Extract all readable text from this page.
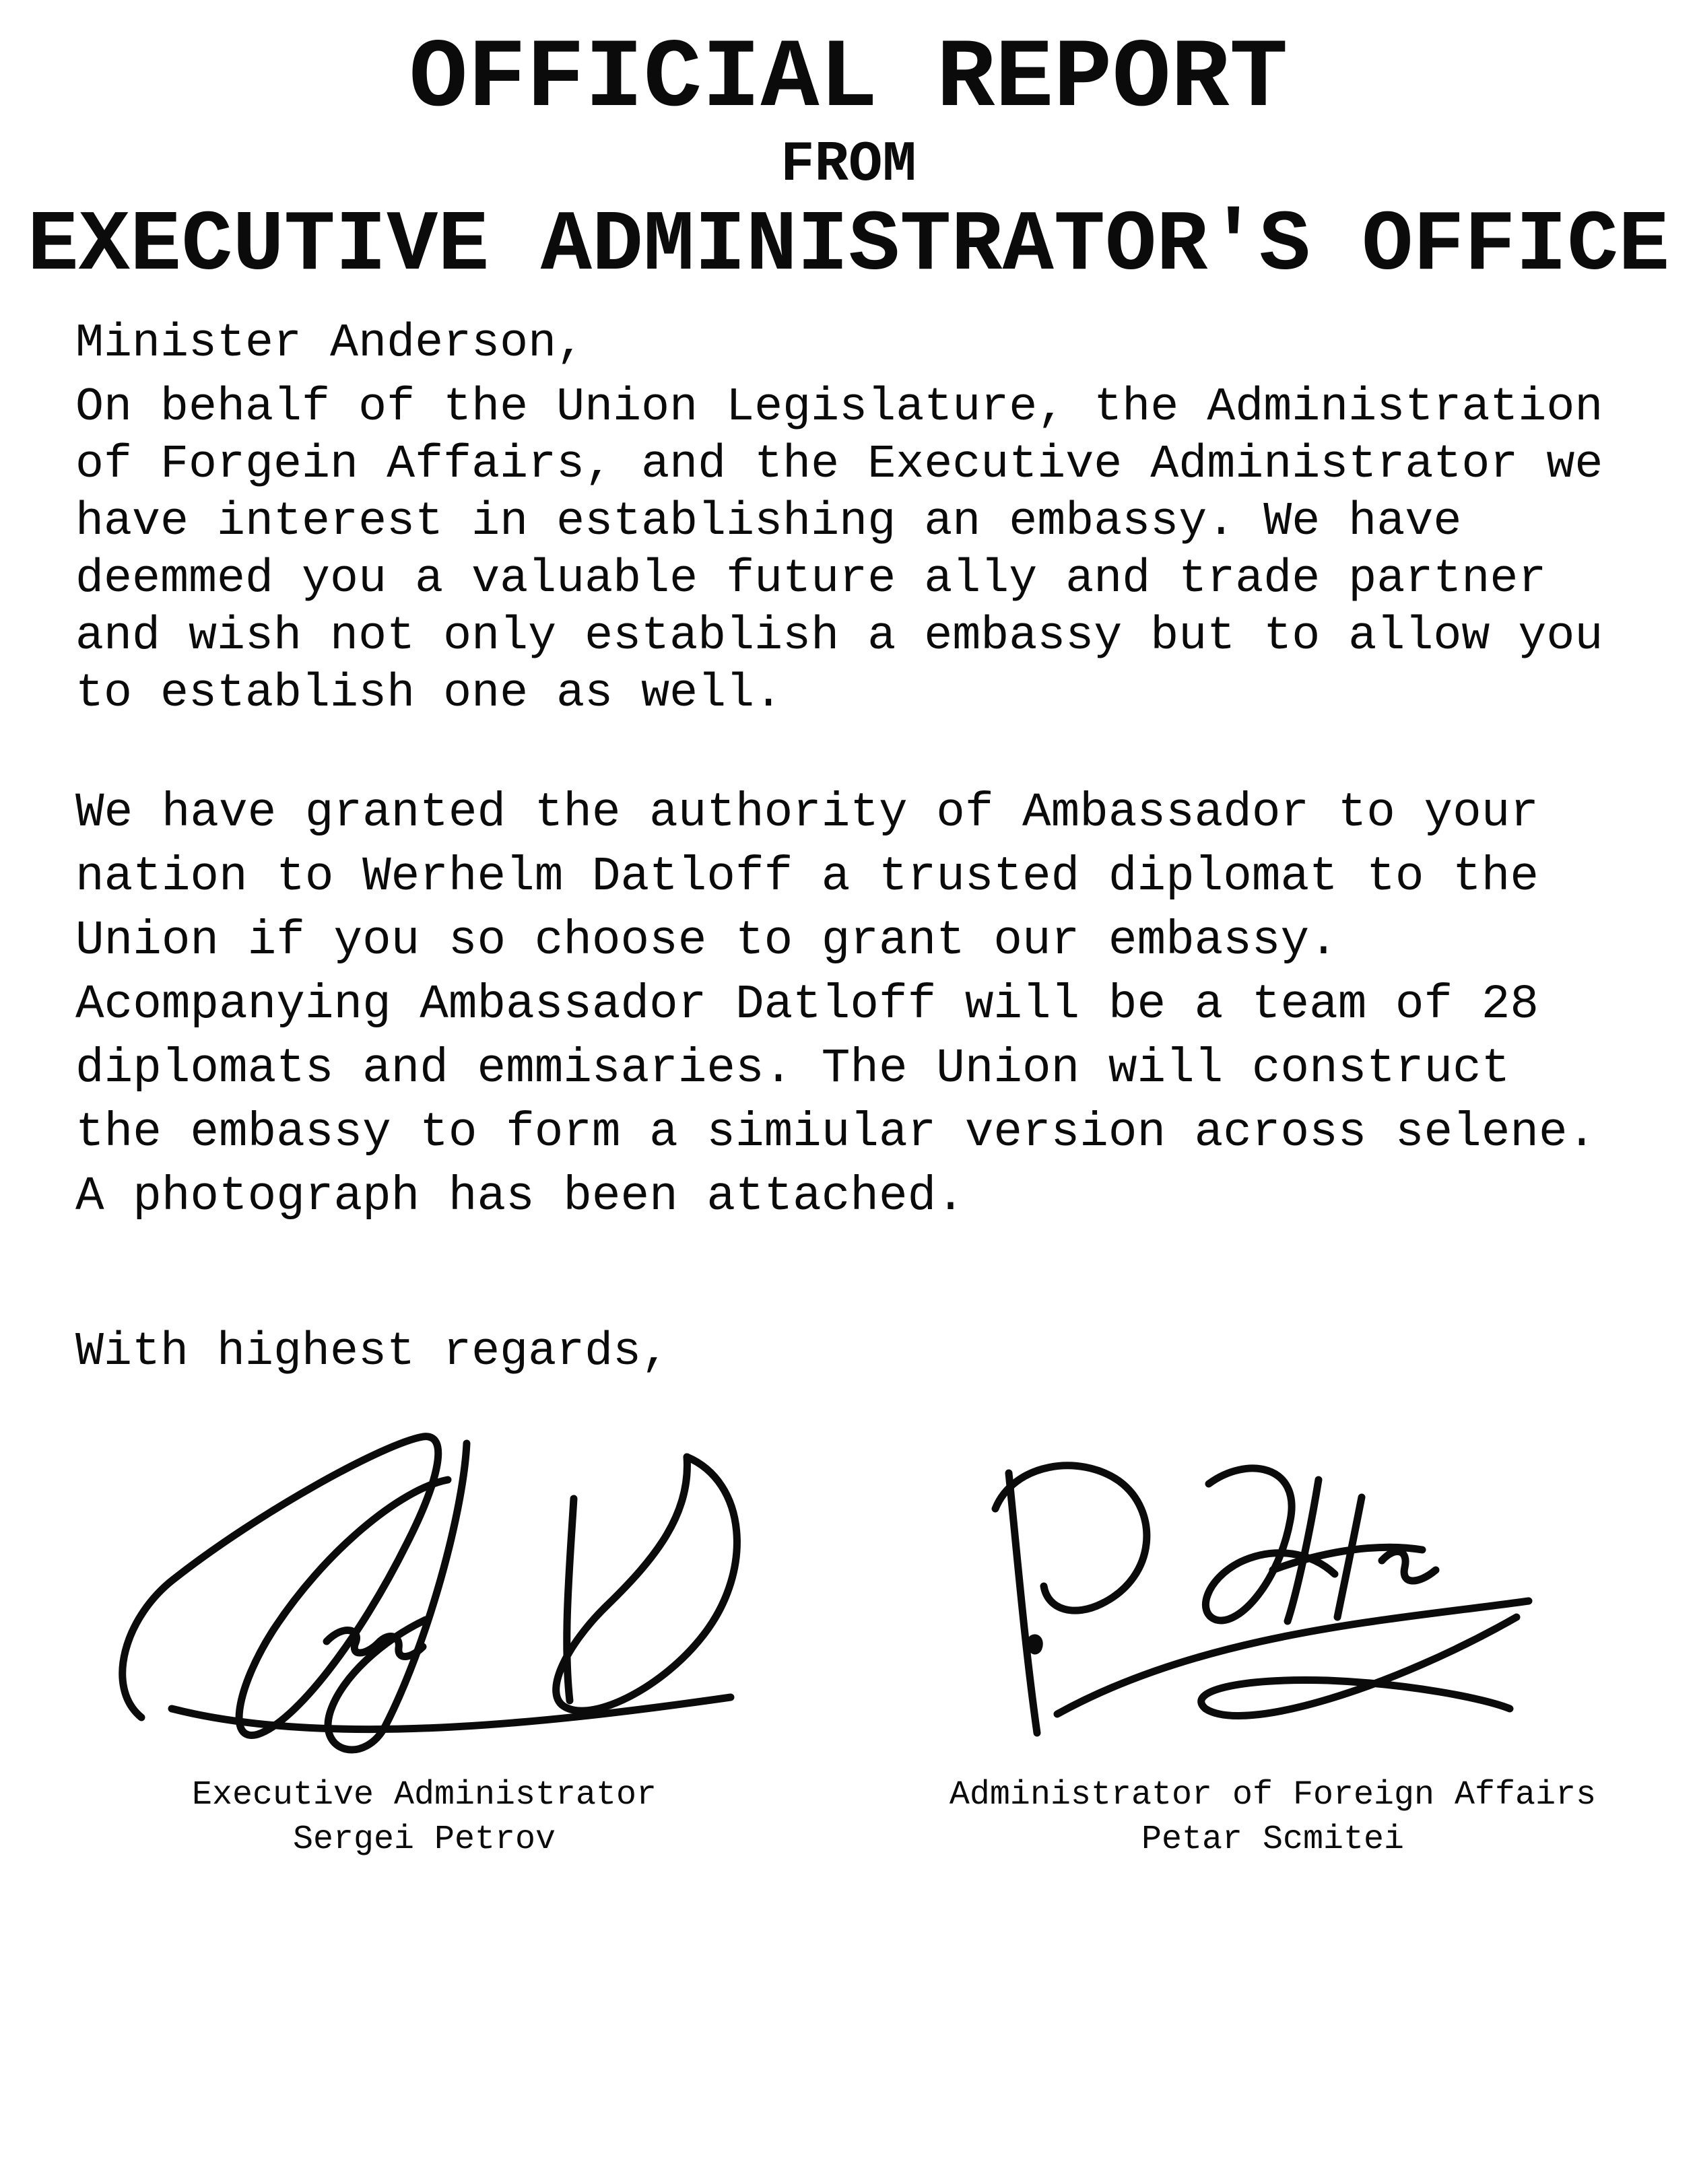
OFFICIAL REPORT
FROM
EXECUTIVE ADMINISTRATOR'S OFFICE
Minister Anderson,
On behalf of the Union Legislature, the Administration
of Forgein Affairs, and the Executive Administrator we
have interest in establishing an embassy. We have
deemmed you a valuable future ally and trade partner
and wish not only establish a embassy but to allow you
to establish one as well.
We have granted the authority of Ambassador to your
nation to Werhelm Datloff a trusted diplomat to the
Union if you so choose to grant our embassy.
Acompanying Ambassador Datloff will be a team of 28
diplomats and emmisaries. The Union will construct
the embassy to form a simiular version across selene.
A photograph has been attached.
With highest regards,
Executive Administrator
Sergei Petrov
Administrator of Foreign Affairs
Petar Scmitei
